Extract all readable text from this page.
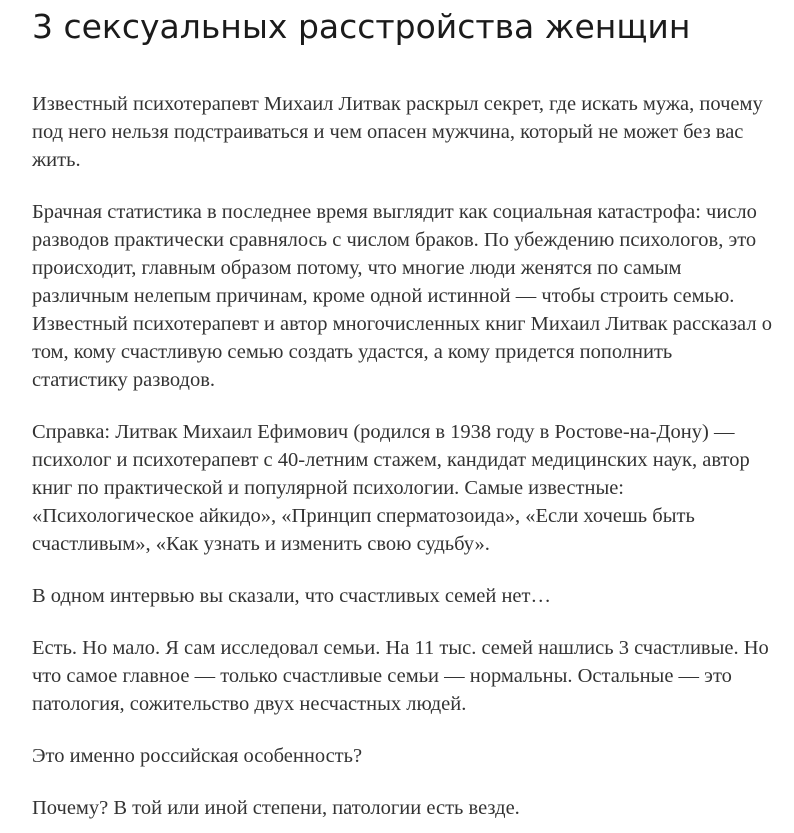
3 сексуальных расстройства женщин

Известный психотерапевт Михаил Литвак раскрыл секрет, где искать мужа, почему под него нельзя подстраиваться и чем опасен мужчина, который не может без вас жить.

Брачная статистика в последнее время выглядит как социальная катастрофа: число разводов практически сравнялось с числом браков. По убеждению психологов, это происходит, главным образом потому, что многие люди женятся по самым различным нелепым причинам, кроме одной истинной — чтобы строить семью. Известный психотерапевт и автор многочисленных книг Михаил Литвак рассказал о том, кому счастливую семью создать удастся, а кому придется пополнить статистику разводов.

Справка: Литвак Михаил Ефимович (родился в 1938 году в Ростове-на-Дону) — психолог и психотерапевт с 40-летним стажем, кандидат медицинских наук, автор книг по практической и популярной психологии. Самые известные: «Психологическое айкидо», «Принцип сперматозоида», «Если хочешь быть счастливым», «Как узнать и изменить свою судьбу».

В одном интервью вы сказали, что счастливых семей нет…

Есть. Но мало. Я сам исследовал семьи. На 11 тыс. семей нашлись 3 счастливые. Но что самое главное — только счастливые семьи — нормальны. Остальные — это патология, сожительство двух несчастных людей.

Это именно российская особенность?

Почему? В той или иной степени, патологии есть везде.
